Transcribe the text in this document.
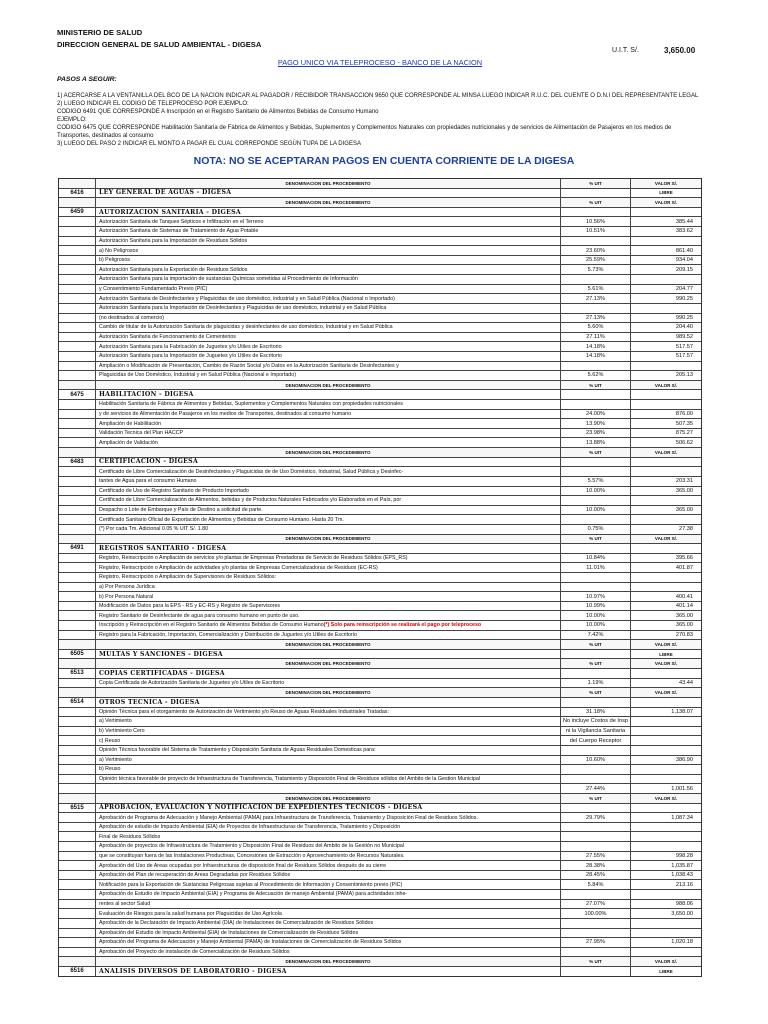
MINISTERIO DE SALUD
DIRECCION GENERAL DE SALUD AMBIENTAL - DIGESA
U.I.T. S/.	3,650.00
PAGO UNICO VIA TELEPROCESO - BANCO DE LA NACION
PASOS A SEGUIR:
1) ACERCARSE A LA VENTANILLA DEL BCO DE LA NACION INDICAR AL PAGADOR / RECIBIDOR TRANSACCION 9650 QUE CORRESPONDE AL MINSA LUEGO INDICAR R.U.C. DEL CUENTE O D.N.I DEL REPRESENTANTE LEGAL
2) LUEGO INDICAR EL CODIGO DE TELEPROCESO POR EJEMPLO:
CODIGO 6491 QUE CORRESPONDE A Inscripción en el Registro Sanitario de Alimentos Bebidas de Consumo Humano
EJEMPLO:
CODIGO 6475 QUE CORRESPONDE Habilitación Sanitaria de Fábrica de Alimentos y Bebidas, Suplementos y Complementos Naturales con propiedades nutricionales y de servicios de Alimentación de Pasajeros en los medios de
Transportes, destinados al consumo
3) LUEGO DEL PASO 2 INDICAR EL MONTO A PAGAR EL CUAL CORREPONDE SEGÚN TUPA DE LA DIGESA
NOTA: NO SE ACEPTARAN PAGOS EN CUENTA CORRIENTE DE LA DIGESA
DENOMINACION DEL PROCEDIMIENTO	% UIT	VALOR S/.
6416	LEY GENERAL DE AGUAS - DIGESA	LIBRE
DENOMINACION DEL PROCEDIMIENTO	% UIT	VALOR S/.
6459	AUTORIZACION SANITARIA - DIGESA
Autorización Sanitaria de Tanques Sépticos e Infiltración en el Terreno	10.56%	385.44
Autorización Sanitaria de Sistemas de Tratamiento de Agua Potable	10.51%	383.62
Autorización Sanitaria para la Importación de Residuos Sólidos
a) No Peligrosos	23.60%	861.40
b) Peligrosos	25.59%	934.04
Autorización Sanitaria para la Exportación de Residuos Sólidos	5.73%	209.15
Autorización Sanitaria para la importación de sustancias Químicas sometidas al Procedimiento de Información
y Consentimiento Fundamentado Previo (PIC)	5.61%	204.77
Autorización Sanitaria de Desinfectantes y Plaguicidas de uso doméstico, industrial y en Salud Pública (Nacional o Importado)	27.13%	990.25
Autorización Sanitaria para la Importación de Desinfectantes y Plaguicidas de uso doméstico, industrial y en Salud Pública
(no destinados al comercio)	27.13%	990.25
Cambio de titular de la Autorización Sanitaria de plaguicidas y desinfectantes de uso doméstico, Industrial y en Salud Pública	5.60%	204.40
Autorización Sanitaria de Funcionamiento de Cementerios	27.11%	989.52
Autorización Sanitaria para la Fabricación de Juguetes y/o Utiles de Escritorio	14.18%	517.57
Autorización Sanitaria para la Importación de Juguetes y/o Utiles de Escritorio	14.18%	517.57
Ampliación o Modificación de Presentación, Cambio de Razón Social y/o Datos en la Autorización Sanitaria de Desinfectantes y
Plaguicidas de Uso Doméstico, Industrial y en Salud Pública (Nacional e Importado)	5.62%	205.13
DENOMINACION DEL PROCEDIMIENTO	% UIT	VALOR S/.
6475	HABILITACION - DIGESA
Habilitación Sanitaria de Fábrica de Alimentos y Bebidas, Suplementos y Complementos Naturales con propiedades nutricionales
y de servicios de Alimentación de Pasajeros en los medios de Transportes, destinados al consumo humano	24.00%	876.00
Ampliación de Habilitación	13.90%	507.35
Validación Tecnica del Plan HACCP	23.98%	875.27
Ampliación de Validación	13.88%	506.62
DENOMINACION DEL PROCEDIMIENTO	% UIT	VALOR S/.
6483	CERTIFICACION - DIGESA
Certificado de Libre Comercialización de Desinfectantes y Plaguicidas de de Uso Doméstico, Industrial, Salud Pública y Desinfec-
tantes de Agua para el consumo Humano	5.57%	203.31
Certificado de Uso de Registro Sanitario de Producto Importado	10.00%	365.00
Certificado de Libre Comercialización de Alimentos, bebidas y de Productos Naturales Fabricados y/o Elaborados en el País, por
Despacho o Lote de Embarque y País de Destino a solicitud de parte.	10.00%	365.00
Certificado Sanitario Oficial de Exportación de Alimentos y Bebidas de Consumo Humano. Hasta 20 Tm.
(*) Por cada Tm. Adicional 0.05 % UIT S/. 1.80	0.75%	27.38
DENOMINACION DEL PROCEDIMIENTO	% UIT	VALOR S/.
6491	REGISTROS SANITARIO - DIGESA
Registro, Reinscripción o Ampliación de servicios y/o plantas de Empresas Prestadoras de Servicio de Residuos Sólidos (EPS_RS)	10.84%	395.66
Registro, Reinscripción o Ampliación de actividades y/o plantas de Empresas Comercializadoras de Residuos (EC-RS)	11.01%	401.87
Registro, Reinscripción o Ampliación de Supervisores de Residuos Sólidos:
a) Por Persona Jurídica
b) Por Persona Natural	10.97%	400.41
Modificación de Datos para la EPS - RS y EC-RS y Registro de Supervisores	10.99%	401.14
Registro Sanitario de Desinfectante de agua para consumo humano en punto de uso.	10.00%	365.00
Inscripción y Reinscripción en el Registro Sanitario de Alimentos Bebidas de Consumo Humano (*) Solo para reinscripción se realizará el pago por teleproceso	10.00%	365.00
Registro para la Fabricación, Importación, Comercialización y Distribución de Juguetes y/o Utiles de Escritorio	7.42%	270.83
DENOMINACION DEL PROCEDIMIENTO	% UIT	VALOR S/.
6505	MULTAS Y SANCIONES - DIGESA	LIBRE
DENOMINACION DEL PROCEDIMIENTO	% UIT	VALOR S/.
6513	COPIAS CERTIFICADAS - DIGESA
Copia Certificada de Autorización Sanitaria de Juguetes y/o Utiles de Escritorio	1.19%	43.44
DENOMINACION DEL PROCEDIMIENTO	% UIT	VALOR S/.
6514	OTROS TECNICA - DIGESA
Opinión Técnica para el otorgamiento de Autorización de Vertimiento y/o Reuso de Aguas Residuales Industriales Tratadas:	31.18%	1,138.07
a) Vertimiento	No incluye Costos de Insp
b) Vertimiento Cero	ni la Vigilancia Sanitaria
c) Reuso	del Cuerpo Receptor
Opinión Técnica favorable del Sistema de Tratamiento y Disposición Sanitaria de Aguas Residuales Domesticas para:
a) Vertimiento	10.60%	386.90
b) Reuso
Opinión técnica favorable de proyecto de Infraestructura de Transferencia, Tratamiento y Disposición Final de Residuos sólidos del Ambito de la Gestion Municipal
27.44%	1,001.56
DENOMINACION DEL PROCEDIMIENTO	% UIT	VALOR S/.
6515	APROBACION, EVALUACION Y NOTIFICACION DE EXPEDIENTES TECNICOS - DIGESA
Aprobación de Programa de Adecuación y Manejo Ambiental (PAMA) para Infraestructura de Transferencia, Tratamiento y Disposición Final de Residuos Sólidos.	29.79%	1,087.34
Aprobación de estudio de Impacto Ambiental (EIA) de Proyectos de Infraestructuras de Transferencia, Tratamiento y Disposición
Final de Residuos Sólidos
Aprobación de proyectos de Infraestructura de Tratamiento y Disposición Final de Residuos del Ambito de la Gestión no Municipal
que se constituyan fuera de las Instalaciones Productivas, Concesiones de Extracción o Aprovechamiento de Recursos Naturales.	27.55%	998.28
Aprobación del Uso de Areas ocupadas por Infraestructuras de disposición final de Residuos Sólidos después de su cierre	28.38%	1,035.87
Aprobación del Plan de recuperación de Areas Degradadas por Residuos Sólidos	28.45%	1,038.43
Notificación para la Exportación de Sustancias Peligrosas sujetas al Procedimiento de Información y Consentimiento previo (PIC)	5.84%	213.16
Aprobación de Estudio de Impacto Ambiental (EIA) y Programa de Adecuación de manejo Ambiental (PAMA) para actividades inhe-
rentes al sector Salud	27.07%	988.06
Evaluación de Riesgos para la salud humana por Plaguicidas de Uso Agrícola	100.00%	3,650.00
Aprobación de la Declaración de Impacto Ambiental (DIA) de Instalaciones de Comercialización de Residuos Sólidos
Aprobación del Estudio de Impacto Ambiental (EIA) de Instalaciones de Comercialización de Residuos Sólidos
Aprobación del Programa de Adecuación y Manejo Ambiental (PAMA) de Instalaciones de Comercialización de Residuos Sólidos	27.95%	1,020.18
Aprobación del Proyecto de instalación de Comercialización de Residuos Sólidos
DENOMINACION DEL PROCEDIMIENTO	% UIT	VALOR S/.
6516	ANALISIS DIVERSOS DE LABORATORIO - DIGESA	LIBRE
